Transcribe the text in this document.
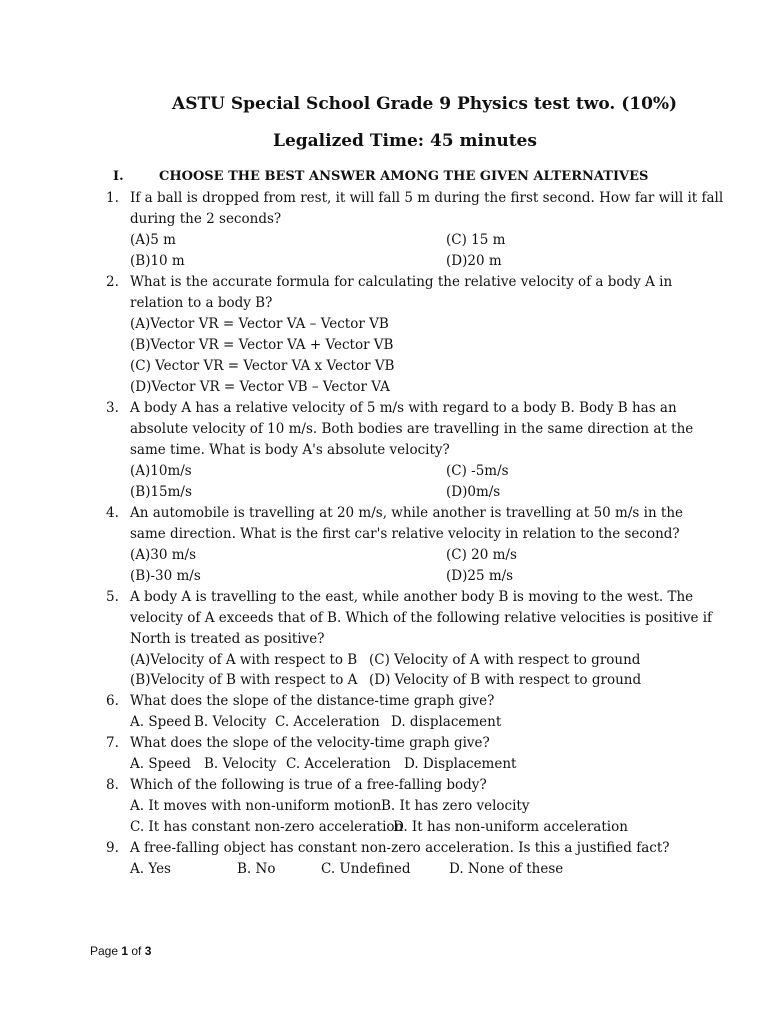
ASTU Special School Grade 9 Physics test two. (10%)
Legalized Time: 45 minutes
I.	CHOOSE THE BEST ANSWER AMONG THE GIVEN ALTERNATIVES
1. If a ball is dropped from rest, it will fall 5 m during the first second. How far will it fall
during the 2 seconds?
(A)5 m	(C) 15 m
(B)10 m	(D)20 m
2. What is the accurate formula for calculating the relative velocity of a body A in
relation to a body B?
(A)Vector VR = Vector VA – Vector VB
(B)Vector VR = Vector VA + Vector VB
(C) Vector VR = Vector VA x Vector VB
(D)Vector VR = Vector VB – Vector VA
3. A body A has a relative velocity of 5 m/s with regard to a body B. Body B has an
absolute velocity of 10 m/s. Both bodies are travelling in the same direction at the
same time. What is body A's absolute velocity?
(A)10m/s	(C) -5m/s
(B)15m/s	(D)0m/s
4. An automobile is travelling at 20 m/s, while another is travelling at 50 m/s in the
same direction. What is the first car's relative velocity in relation to the second?
(A)30 m/s	(C) 20 m/s
(B)-30 m/s	(D)25 m/s
5. A body A is travelling to the east, while another body B is moving to the west. The
velocity of A exceeds that of B. Which of the following relative velocities is positive if
North is treated as positive?
(A)Velocity of A with respect to B (C) Velocity of A with respect to ground
(B)Velocity of B with respect to A (D) Velocity of B with respect to ground
6. What does the slope of the distance-time graph give?
A. Speed B. Velocity C. Acceleration D. displacement
7. What does the slope of the velocity-time graph give?
A. Speed B. Velocity C. Acceleration D. Displacement
8. Which of the following is true of a free-falling body?
A. It moves with non-uniform motion B. It has zero velocity
C. It has constant non-zero acceleration
D. It has non-uniform acceleration
9. A free-falling object has constant non-zero acceleration. Is this a justified fact?
A. Yes	B. No	C. Undefined	D. None of these
Page 1 of 3
